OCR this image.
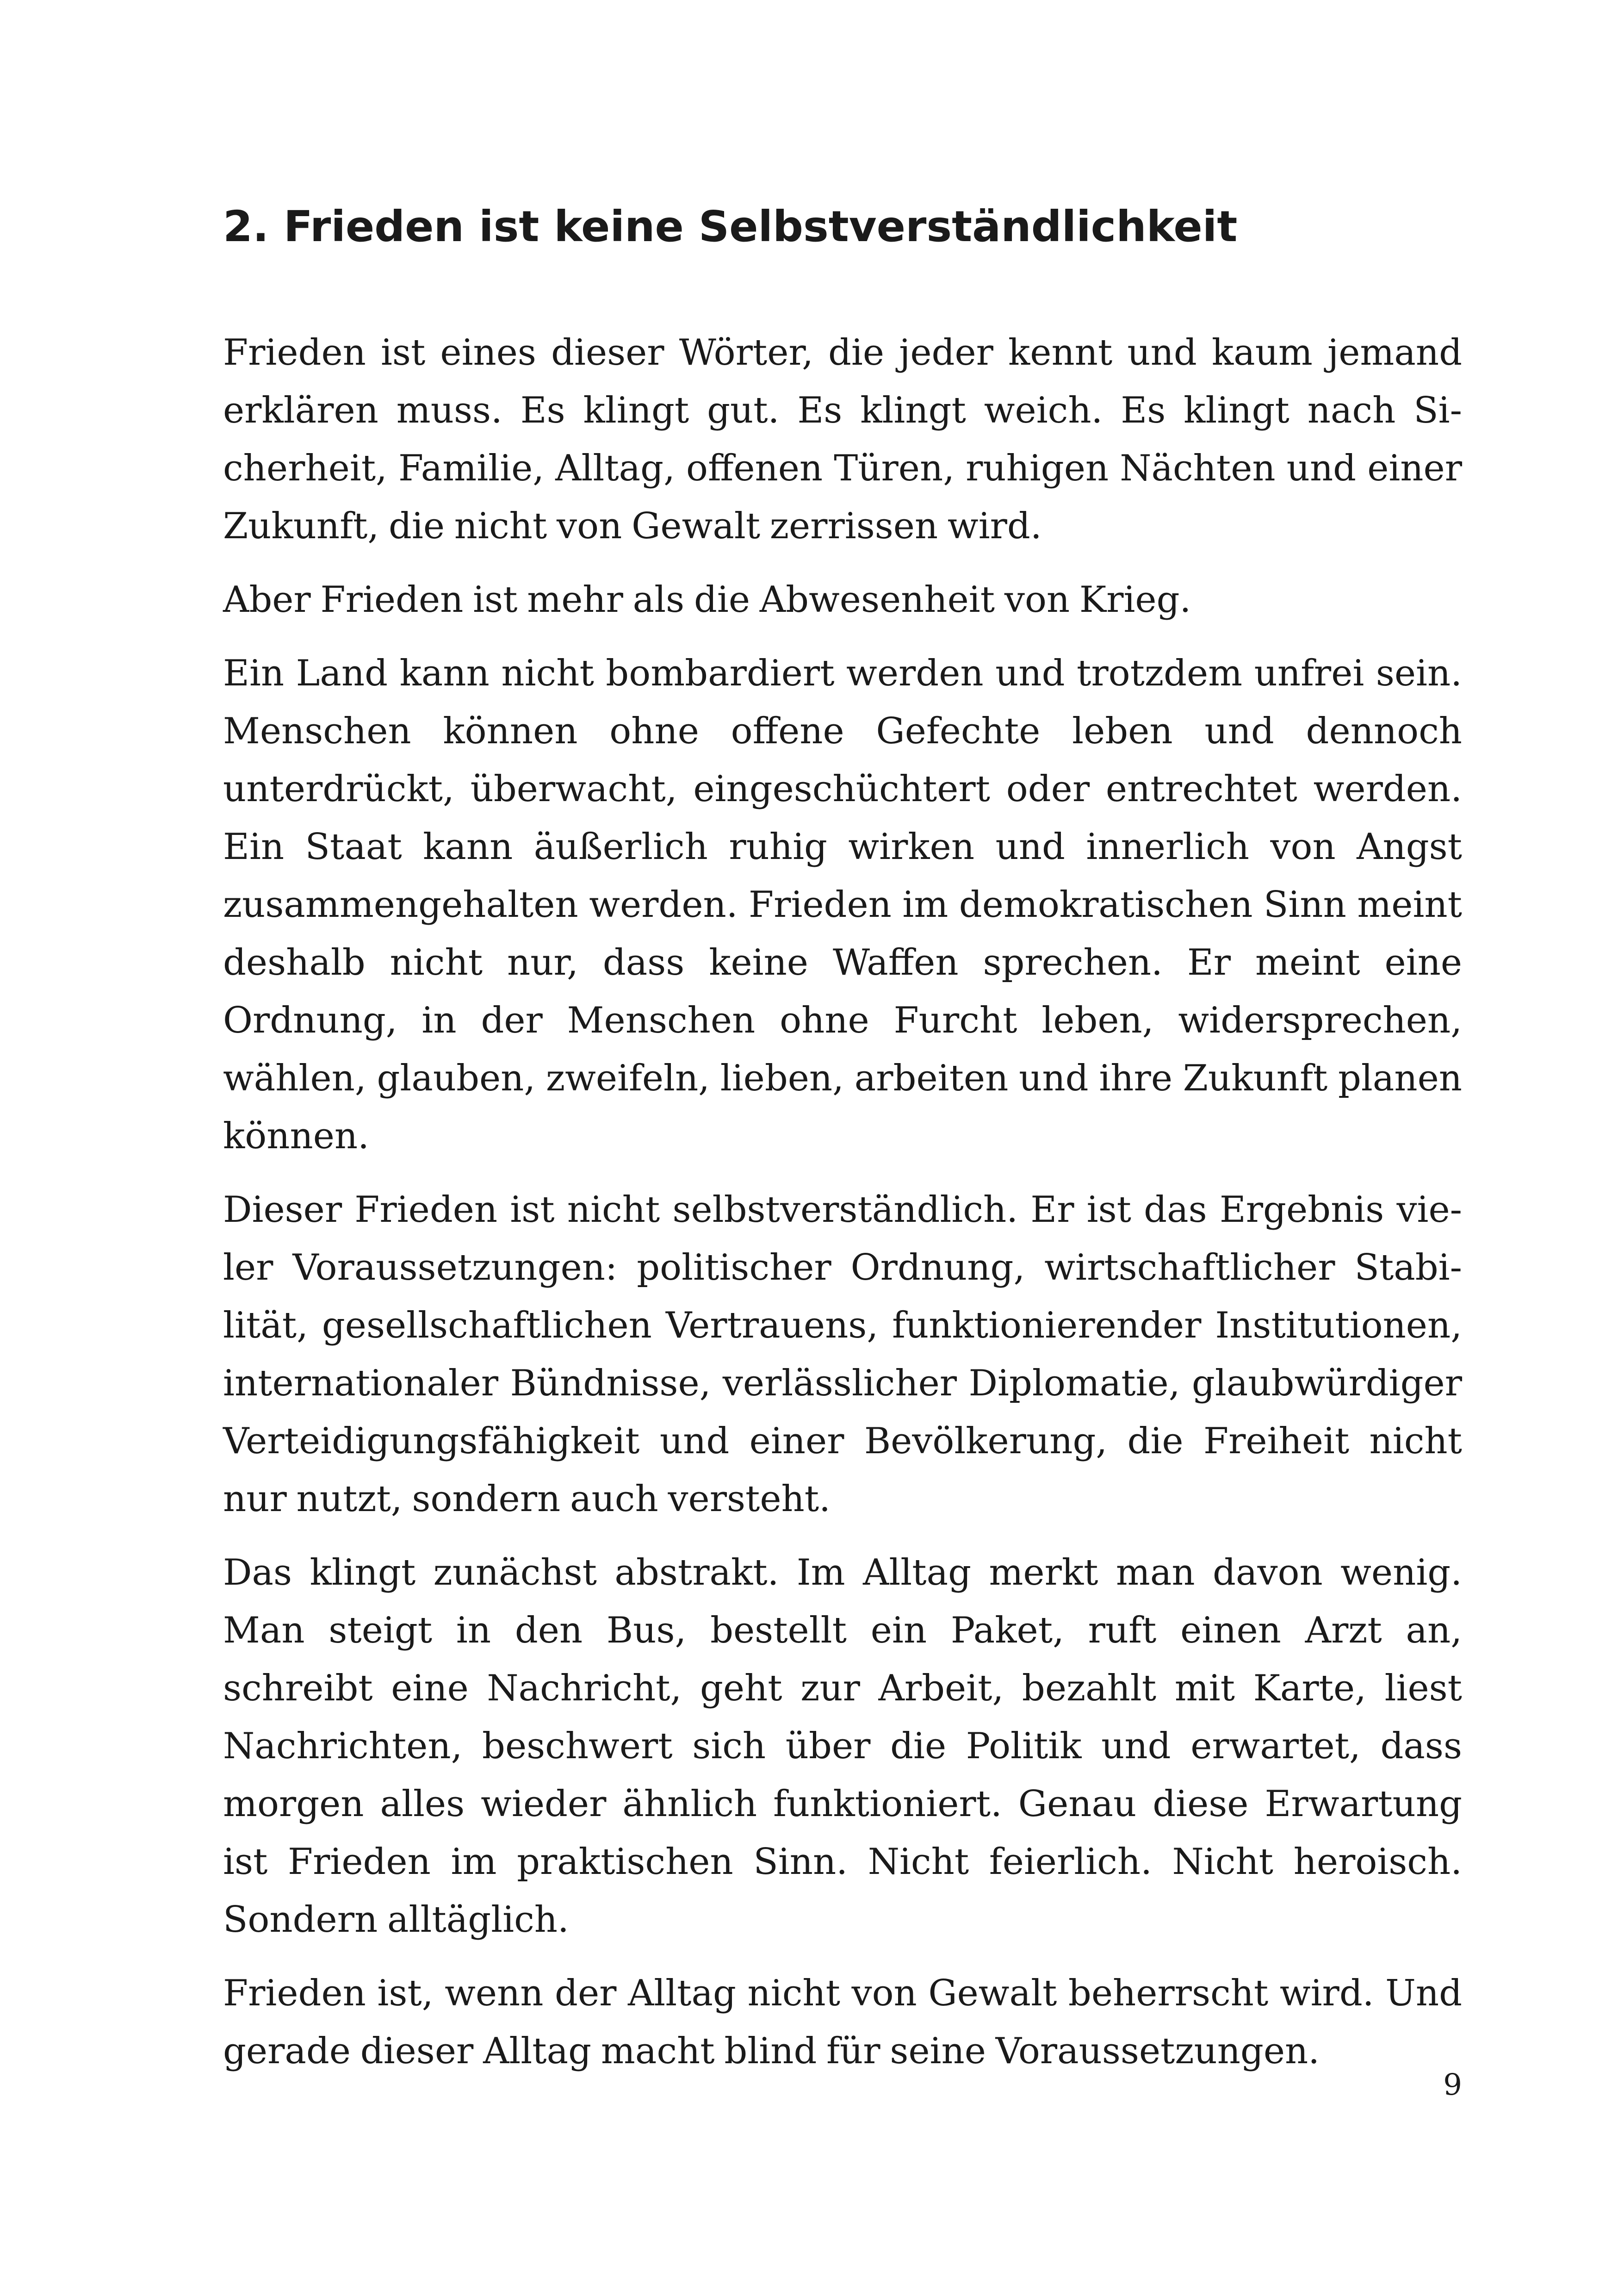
2. Frieden ist keine Selbstverständlichkeit

Frieden ist eines dieser Wörter, die jeder kennt und kaum jemand erklären muss. Es klingt gut. Es klingt weich. Es klingt nach Sicherheit, Familie, Alltag, offenen Türen, ruhigen Nächten und einer Zukunft, die nicht von Gewalt zerrissen wird.

Aber Frieden ist mehr als die Abwesenheit von Krieg.

Ein Land kann nicht bombardiert werden und trotzdem unfrei sein. Menschen können ohne offene Gefechte leben und dennoch unterdrückt, überwacht, eingeschüchtert oder entrechtet werden. Ein Staat kann äußerlich ruhig wirken und innerlich von Angst zusammengehalten werden. Frieden im demokratischen Sinn meint deshalb nicht nur, dass keine Waffen sprechen. Er meint eine Ordnung, in der Menschen ohne Furcht leben, widersprechen, wählen, glauben, zweifeln, lieben, arbeiten und ihre Zukunft planen können.

Dieser Frieden ist nicht selbstverständlich. Er ist das Ergebnis vieler Voraussetzungen: politischer Ordnung, wirtschaftlicher Stabilität, gesellschaftlichen Vertrauens, funktionierender Institutionen, internationaler Bündnisse, verlässlicher Diplomatie, glaubwürdiger Verteidigungsfähigkeit und einer Bevölkerung, die Freiheit nicht nur nutzt, sondern auch versteht.

Das klingt zunächst abstrakt. Im Alltag merkt man davon wenig. Man steigt in den Bus, bestellt ein Paket, ruft einen Arzt an, schreibt eine Nachricht, geht zur Arbeit, bezahlt mit Karte, liest Nachrichten, beschwert sich über die Politik und erwartet, dass morgen alles wieder ähnlich funktioniert. Genau diese Erwartung ist Frieden im praktischen Sinn. Nicht feierlich. Nicht heroisch. Sondern alltäglich.

Frieden ist, wenn der Alltag nicht von Gewalt beherrscht wird. Und gerade dieser Alltag macht blind für seine Voraussetzungen.

9
